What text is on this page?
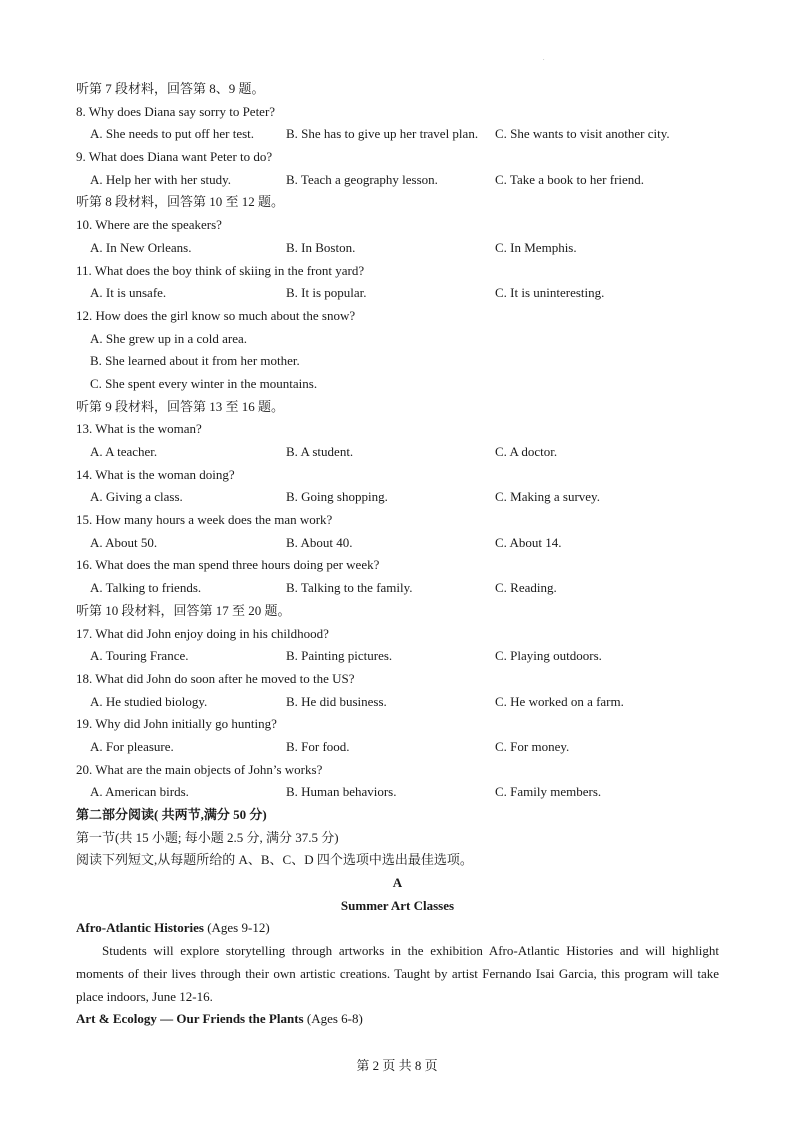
.
听第 7 段材料，回答第 8、9 题。
8. Why does Diana say sorry to Peter?
A. She needs to put off her test. B. She has to give up her travel plan. C. She wants to visit another city.
9. What does Diana want Peter to do?
A. Help her with her study.	B. Teach a geography lesson.	C. Take a book to her friend.
听第 8 段材料，回答第 10 至 12 题。
10. Where are the speakers?
A. In New Orleans.	B. In Boston.	C. In Memphis.
11. What does the boy think of skiing in the front yard?
A. It is unsafe.	B. It is popular.	C. It is uninteresting.
12. How does the girl know so much about the snow?
A. She grew up in a cold area.
B. She learned about it from her mother.
C. She spent every winter in the mountains.
听第 9 段材料，回答第 13 至 16 题。
13. What is the woman?
A. A teacher.	B. A student.	C. A doctor.
14. What is the woman doing?
A. Giving a class.	B. Going shopping.	C. Making a survey.
15. How many hours a week does the man work?
A. About 50.	B. About 40.	C. About 14.
16. What does the man spend three hours doing per week?
A. Talking to friends.	B. Talking to the family.	C. Reading.
听第 10 段材料，回答第 17 至 20 题。
17. What did John enjoy doing in his childhood?
A. Touring France.	B. Painting pictures.	C. Playing outdoors.
18. What did John do soon after he moved to the US?
A. He studied biology.	B. He did business.	C. He worked on a farm.
19. Why did John initially go hunting?
A. For pleasure.	B. For food.	C. For money.
20. What are the main objects of John’s works?
A. American birds.	B. Human behaviors.	C. Family members.
第二部分阅读( 共两节,满分 50 分)
第一节(共 15 小题; 每小题 2.5 分, 满分 37.5 分)
阅读下列短文,从每题所给的 A、B、C、D 四个选项中选出最佳选项。
A
Summer Art Classes
Afro-Atlantic Histories (Ages 9-12)
Students will explore storytelling through artworks in the exhibition Afro-Atlantic Histories and will highlight moments of their lives through their own artistic creations. Taught by artist Fernando Isai Garcia, this program will take place indoors, June 12-16.
Art & Ecology — Our Friends the Plants (Ages 6-8)
第 2 页 共 8 页
